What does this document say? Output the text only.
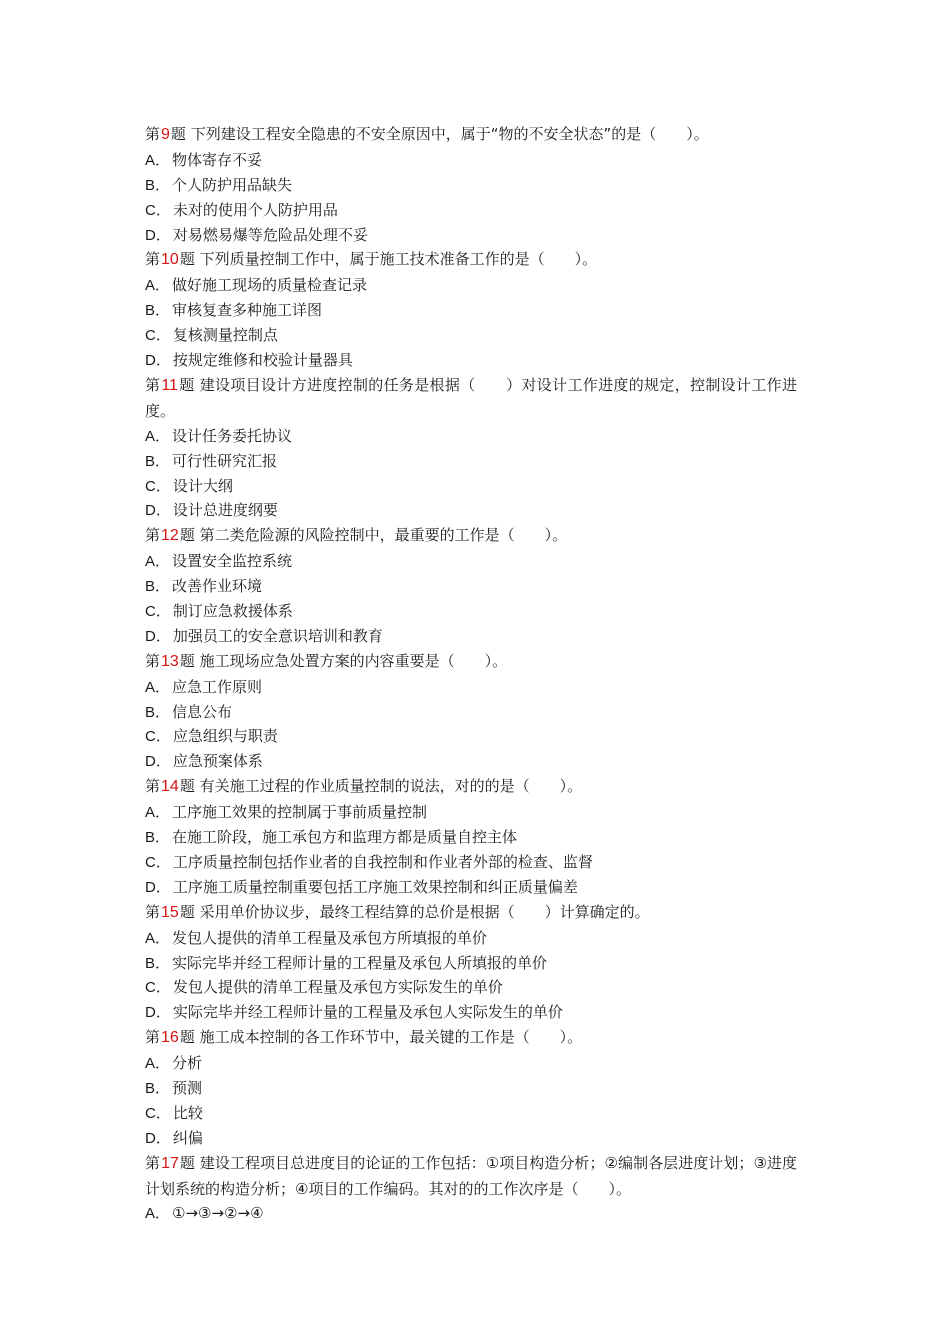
第9题 下列建设工程安全隐患的不安全原因中，属于“物的不安全状态”的是（　　）。
A． 物体寄存不妥
B． 个人防护用品缺失
C． 未对的使用个人防护用品
D． 对易燃易爆等危险品处理不妥
第10题 下列质量控制工作中，属于施工技术准备工作的是（　　）。
A． 做好施工现场的质量检查记录
B． 审核复查多种施工详图
C． 复核测量控制点
D． 按规定维修和校验计量器具
第11题 建设项目设计方进度控制的任务是根据（　　）对设计工作进度的规定，控制设计工作进度。
A． 设计任务委托协议
B． 可行性研究汇报
C． 设计大纲
D． 设计总进度纲要
第12题 第二类危险源的风险控制中，最重要的工作是（　　）。
A． 设置安全监控系统
B． 改善作业环境
C． 制订应急救援体系
D． 加强员工的安全意识培训和教育
第13题 施工现场应急处置方案的内容重要是（　　）。
A． 应急工作原则
B． 信息公布
C． 应急组织与职责
D． 应急预案体系
第14题 有关施工过程的作业质量控制的说法，对的的是（　　）。
A． 工序施工效果的控制属于事前质量控制
B． 在施工阶段，施工承包方和监理方都是质量自控主体
C． 工序质量控制包括作业者的自我控制和作业者外部的检查、监督
D． 工序施工质量控制重要包括工序施工效果控制和纠正质量偏差
第15题 采用单价协议步，最终工程结算的总价是根据（　　）计算确定的。
A． 发包人提供的清单工程量及承包方所填报的单价
B． 实际完毕并经工程师计量的工程量及承包人所填报的单价
C． 发包人提供的清单工程量及承包方实际发生的单价
D． 实际完毕并经工程师计量的工程量及承包人实际发生的单价
第16题 施工成本控制的各工作环节中，最关键的工作是（　　）。
A． 分析
B． 预测
C． 比较
D． 纠偏
第17题 建设工程项目总进度目的论证的工作包括：①项目构造分析；②编制各层进度计划；③进度计划系统的构造分析；④项目的工作编码。其对的的工作次序是（　　）。
A． ①→③→②→④
